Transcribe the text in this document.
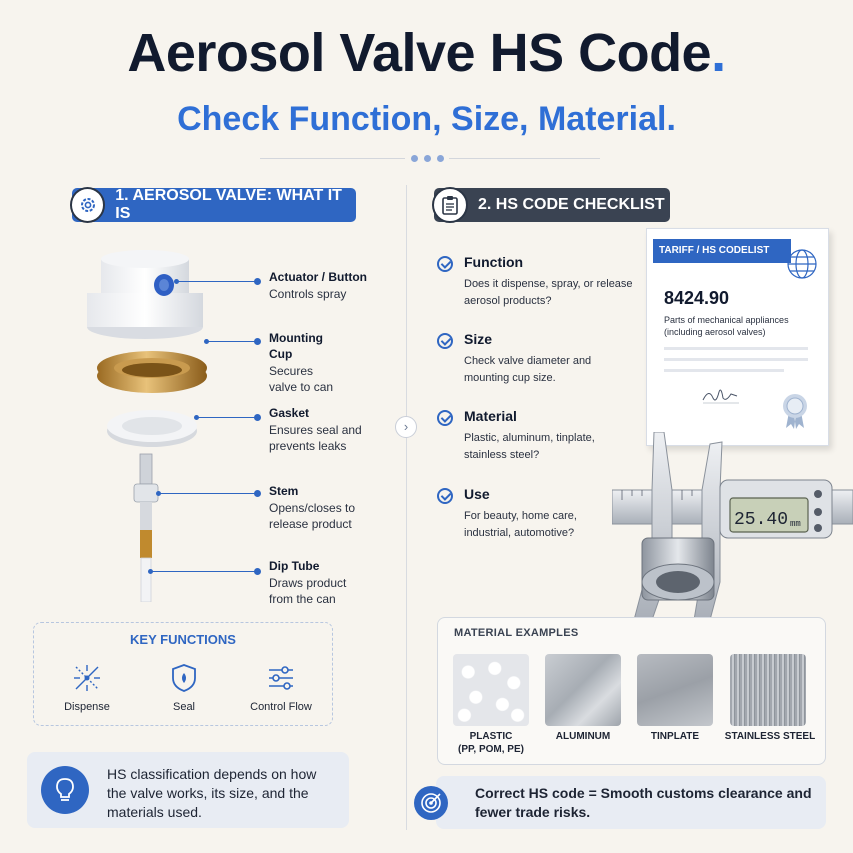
Aerosol Valve HS Code.
Check Function, Size, Material.
›
1. AEROSOL VALVE: WHAT IT IS
Actuator / Button
Controls spray
Mounting Cup
Secures valve to can
Gasket
Ensures seal and prevents leaks
Stem
Opens/closes to release product
Dip Tube
Draws product from the can
KEY FUNCTIONS
Dispense	Seal	Control Flow

HS classification depends on how the valve works, its size, and the materials used.

2. HS CODE CHECKLIST
Function

Does it dispense, spray, or release aerosol products?

Size

Check valve diameter and mounting cup size.

Material

Plastic, aluminum, tinplate, stainless steel?

Use

For beauty, home care, industrial, automotive?

TARIFF / HS CODELIST
8424.90
Parts of mechanical appliances (including aerosol valves)
25.40 mm
MATERIAL EXAMPLES
PLASTIC
(PP, POM, PE)
ALUMINUM	TINPLATE	STAINLESS STEEL

Correct HS code = Smooth customs clearance and fewer trade risks.
